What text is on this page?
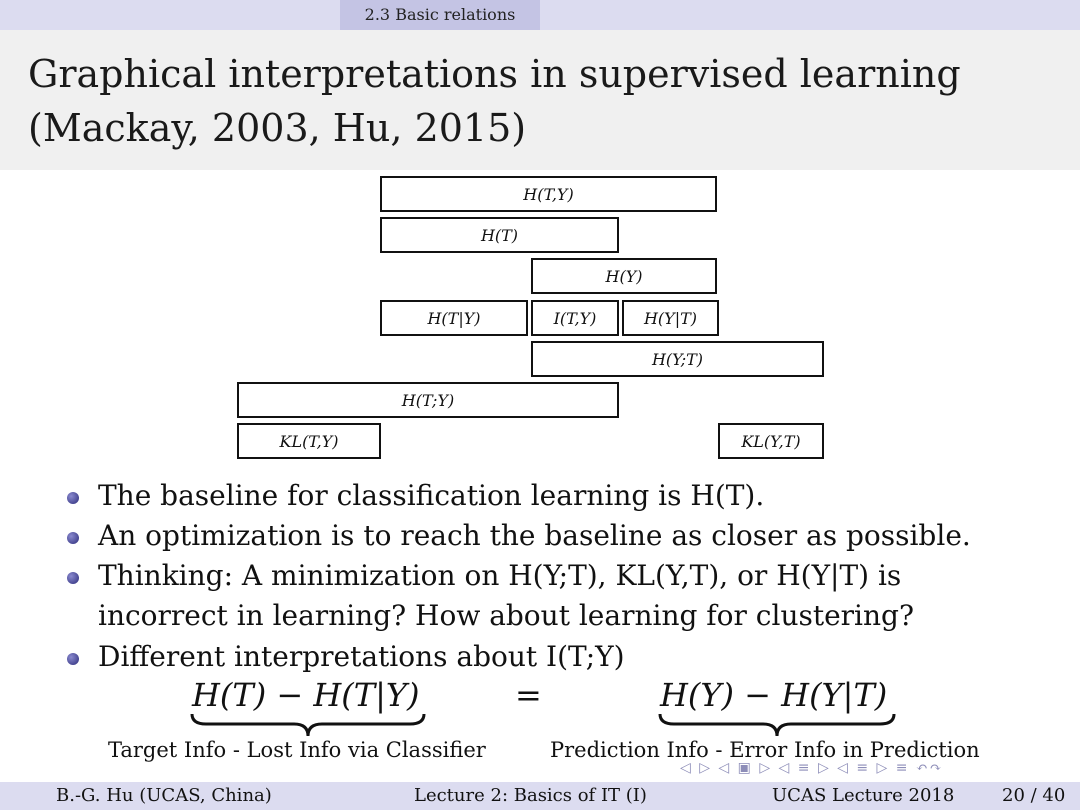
2.3 Basic relations
Graphical interpretations in supervised learning
(Mackay, 2003, Hu, 2015)
H(T,Y)
H(T)
H(Y)
H(T|Y)	I(T,Y)	H(Y|T)
H(Y;T)
H(T;Y)
KL(T,Y)	KL(Y,T)
The baseline for classification learning is H(T).
An optimization is to reach the baseline as closer as possible.
Thinking: A minimization on H(Y;T), KL(Y,T), or H(Y|T) is
incorrect in learning? How about learning for clustering?
Different interpretations about I(T;Y)
H(T) − H(T|Y)	=	H(Y) − H(Y|T)
Target Info - Lost Info via Classifier	Prediction Info - Error Info in Prediction
◁ ▷ ◁ ▣ ▷ ◁ ≡ ▷ ◁ ≡ ▷ ≡ ↶↷
B.-G. Hu (UCAS, China)	Lecture 2: Basics of IT (I)	UCAS Lecture 2018	20 / 40
